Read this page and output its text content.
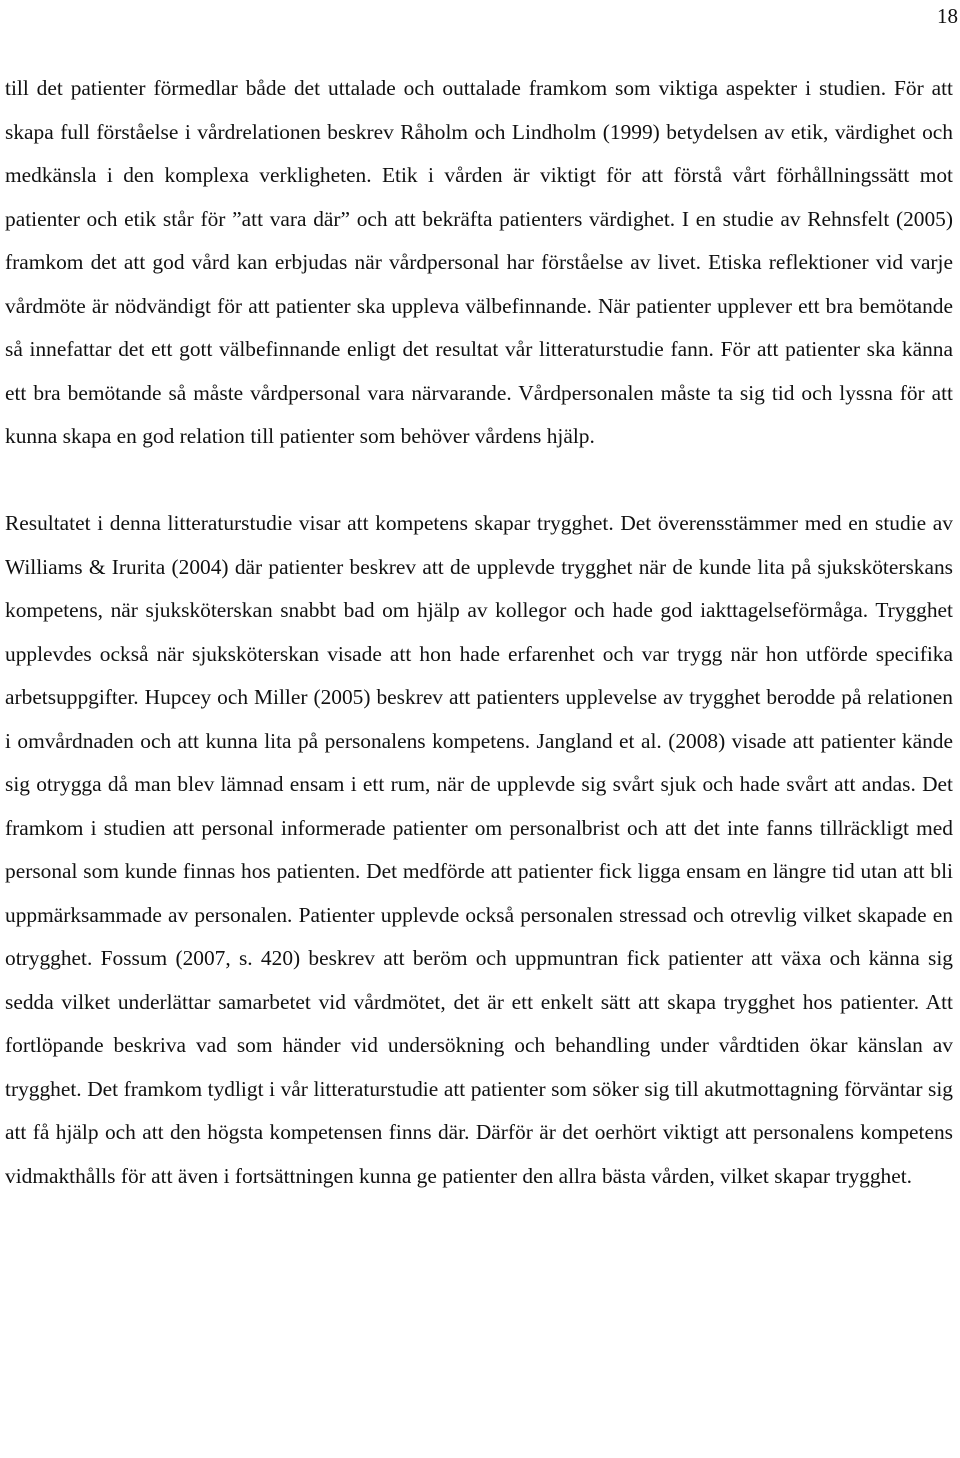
18

till det patienter förmedlar både det uttalade och outtalade framkom som viktiga aspekter i studien. För att skapa full förståelse i vårdrelationen beskrev Råholm och Lindholm (1999) betydelsen av etik, värdighet och medkänsla i den komplexa verkligheten. Etik i vården är viktigt för att förstå vårt förhållningssätt mot patienter och etik står för ”att vara där” och att bekräfta patienters värdighet. I en studie av Rehnsfelt (2005) framkom det att god vård kan erbjudas när vårdpersonal har förståelse av livet. Etiska reflektioner vid varje vårdmöte är nödvändigt för att patienter ska uppleva välbefinnande. När patienter upplever ett bra bemötande så innefattar det ett gott välbefinnande enligt det resultat vår litteraturstudie fann. För att patienter ska känna ett bra bemötande så måste vårdpersonal vara närvarande. Vårdpersonalen måste ta sig tid och lyssna för att kunna skapa en god relation till patienter som behöver vårdens hjälp.

Resultatet i denna litteraturstudie visar att kompetens skapar trygghet. Det överensstämmer med en studie av Williams & Irurita (2004) där patienter beskrev att de upplevde trygghet när de kunde lita på sjuksköterskans kompetens, när sjuksköterskan snabbt bad om hjälp av kollegor och hade god iakttagelseförmåga. Trygghet upplevdes också när sjuksköterskan visade att hon hade erfarenhet och var trygg när hon utförde specifika arbetsuppgifter. Hupcey och Miller (2005) beskrev att patienters upplevelse av trygghet berodde på relationen i omvårdnaden och att kunna lita på personalens kompetens. Jangland et al. (2008) visade att patienter kände sig otrygga då man blev lämnad ensam i ett rum, när de upplevde sig svårt sjuk och hade svårt att andas. Det framkom i studien att personal informerade patienter om personalbrist och att det inte fanns tillräckligt med personal som kunde finnas hos patienten. Det medförde att patienter fick ligga ensam en längre tid utan att bli uppmärksammade av personalen. Patienter upplevde också personalen stressad och otrevlig vilket skapade en otrygghet. Fossum (2007, s. 420) beskrev att beröm och uppmuntran fick patienter att växa och känna sig sedda vilket underlättar samarbetet vid vårdmötet, det är ett enkelt sätt att skapa trygghet hos patienter. Att fortlöpande beskriva vad som händer vid undersökning och behandling under vårdtiden ökar känslan av trygghet. Det framkom tydligt i vår litteraturstudie att patienter som söker sig till akutmottagning förväntar sig att få hjälp och att den högsta kompetensen finns där. Därför är det oerhört viktigt att personalens kompetens vidmakthålls för att även i fortsättningen kunna ge patienter den allra bästa vården, vilket skapar trygghet.
